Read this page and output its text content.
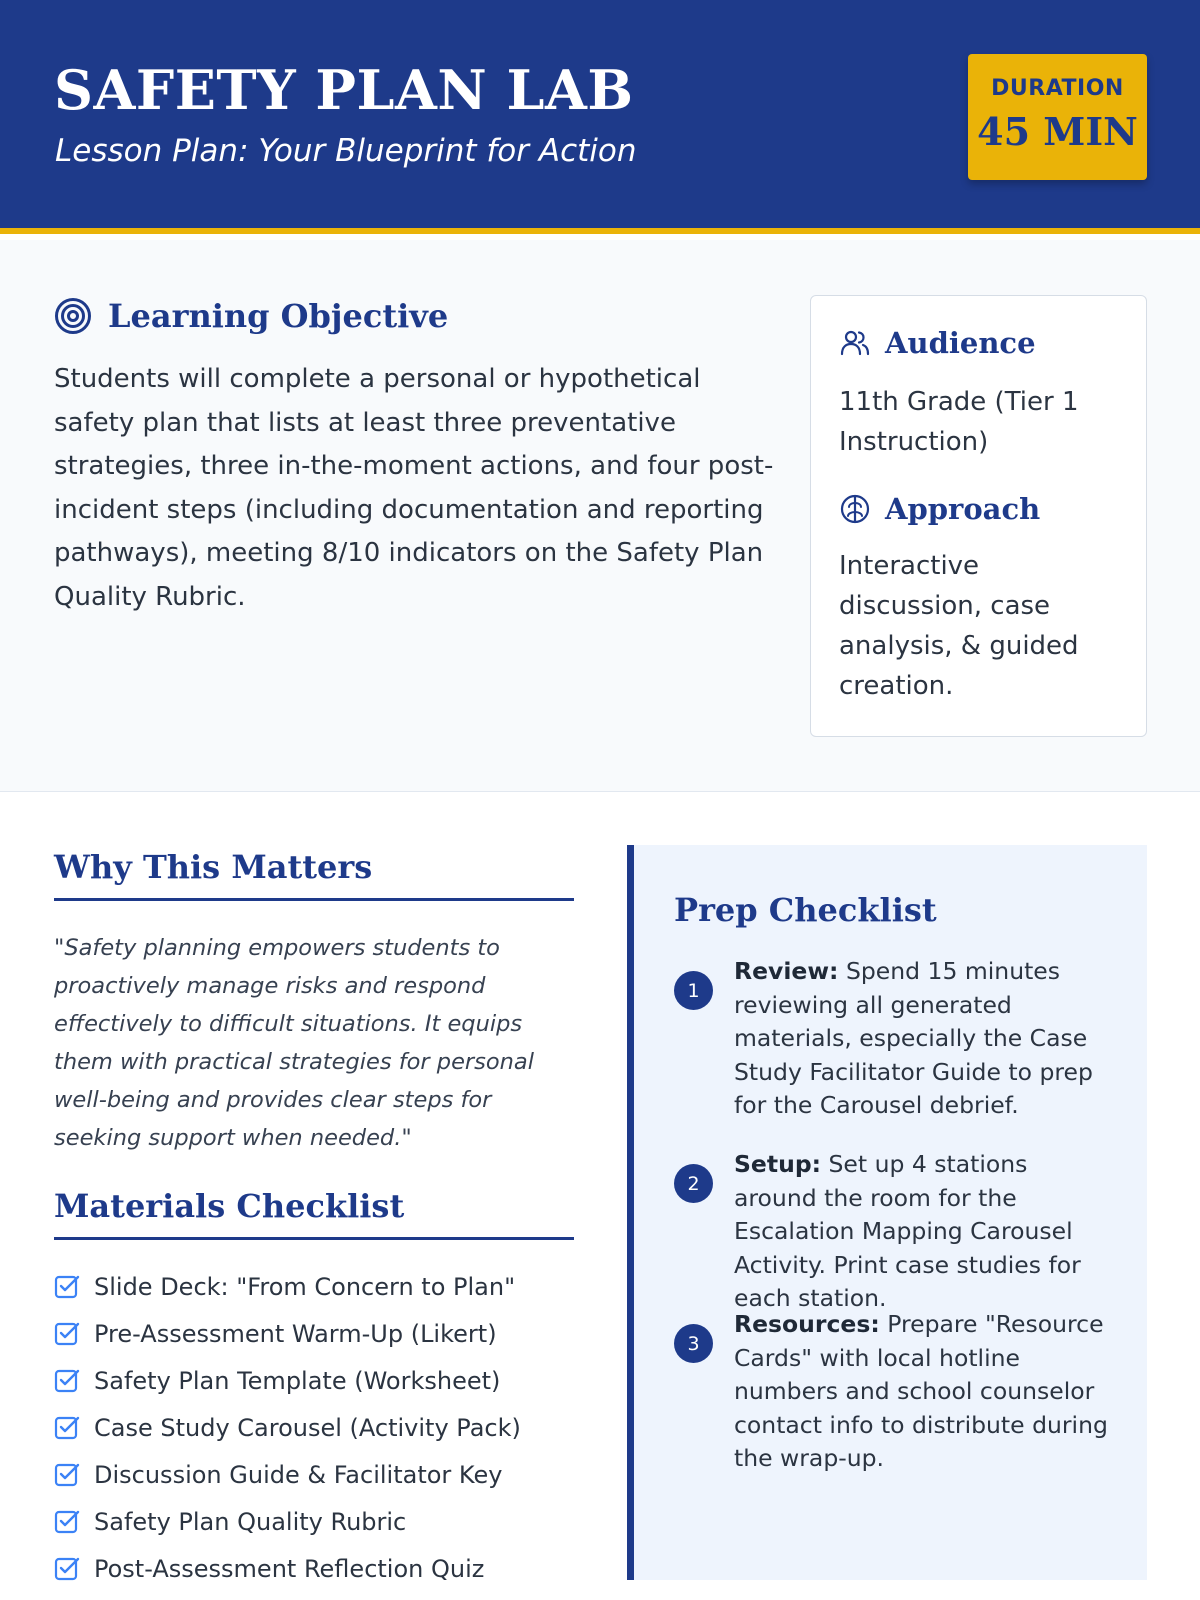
SAFETY PLAN LAB
Lesson Plan: Your Blueprint for Action
DURATION
45 MIN
Learning Objective

Students will complete a personal or hypothetical safety plan that lists at least three preventative strategies, three in-the-moment actions, and four post-incident steps (including documentation and reporting pathways), meeting 8/10 indicators on the Safety Plan Quality Rubric.

Audience

11th Grade (Tier 1 Instruction)

Approach

Interactive discussion, case analysis, & guided creation.

Why This Matters

"Safety planning empowers students to proactively manage risks and respond effectively to difficult situations. It equips them with practical strategies for personal well-being and provides clear steps for seeking support when needed."

Materials Checklist
Slide Deck: "From Concern to Plan"
Pre-Assessment Warm-Up (Likert)
Safety Plan Template (Worksheet)
Case Study Carousel (Activity Pack)
Discussion Guide & Facilitator Key
Safety Plan Quality Rubric
Post-Assessment Reflection Quiz
Prep Checklist
1

Review: Spend 15 minutes reviewing all generated materials, especially the Case Study Facilitator Guide to prep for the Carousel debrief.

2

Setup: Set up 4 stations around the room for the Escalation Mapping Carousel Activity. Print case studies for each station.

3

Resources: Prepare "Resource Cards" with local hotline numbers and school counselor contact info to distribute during the wrap-up.
